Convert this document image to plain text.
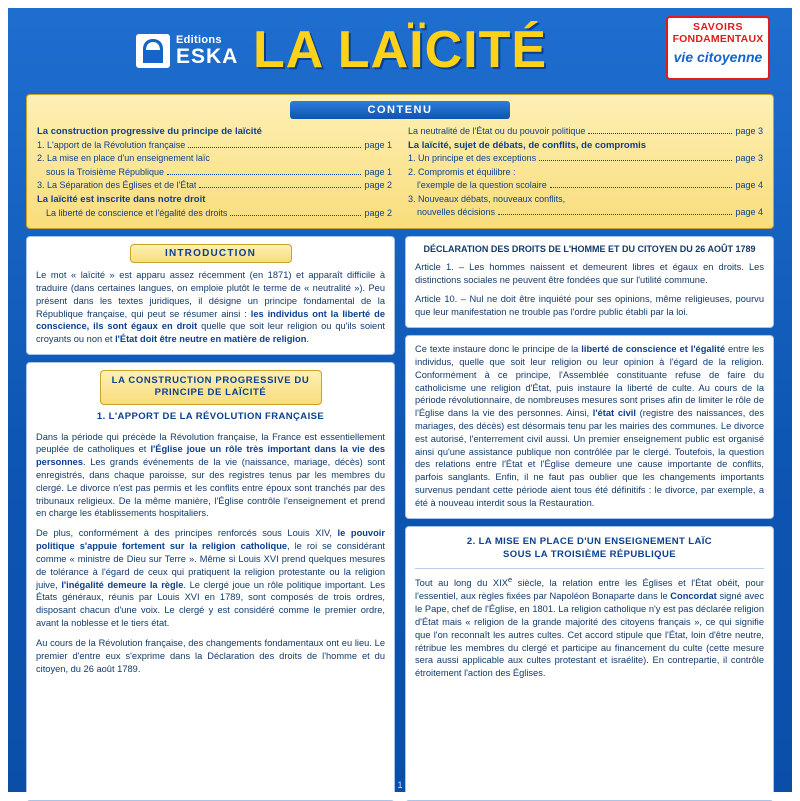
Editions
ESKA LA LAÏCITÉ	SAVOIRS
FONDAMENTAUX
vie citoyenne
CONTENU
La construction progressive du principe de laïcité
1. L'apport de la Révolution française	page 1
2. La mise en place d'un enseignement laïc
sous la Troisième République	page 1
3. La Séparation des Églises et de l'État	page 2
La laïcité est inscrite dans notre droit
La liberté de conscience et l'égalité des droits	page 2
La neutralité de l'État ou du pouvoir politique	page 3
La laïcité, sujet de débats, de conflits, de compromis
1. Un principe et des exceptions	page 3
2. Compromis et équilibre :
l'exemple de la question scolaire	page 4
3. Nouveaux débats, nouveaux conflits,
nouvelles décisions	page 4
INTRODUCTION

Le mot « laïcité » est apparu assez récemment (en 1871) et apparaît difficile à traduire (dans certaines langues, on emploie plutôt le terme de « neutralité »). Peu présent dans les textes juridiques, il désigne un principe fondamental de la République française, qui peut se résumer ainsi : les individus ont la liberté de conscience, ils sont égaux en droit quelle que soit leur religion ou qu'ils soient croyants ou non et l'État doit être neutre en matière de religion.

LA CONSTRUCTION PROGRESSIVE DU PRINCIPE DE LAÏCITÉ
1. L'APPORT DE LA RÉVOLUTION FRANÇAISE

Dans la période qui précède la Révolution française, la France est essentiellement peuplée de catholiques et l'Église joue un rôle très important dans la vie des personnes. Les grands événements de la vie (naissance, mariage, décès) sont enregistrés, dans chaque paroisse, sur des registres tenus par les membres du clergé. Le divorce n'est pas permis et les conflits entre époux sont tranchés par des tribunaux religieux. De la même manière, l'Église contrôle l'enseignement et prend en charge les établissements hospitaliers.

De plus, conformément à des principes renforcés sous Louis XIV, le pouvoir politique s'appuie fortement sur la religion catholique, le roi se considérant comme « ministre de Dieu sur Terre ». Même si Louis XVI prend quelques mesures de tolérance à l'égard de ceux qui pratiquent la religion protestante ou la religion juive, l'inégalité demeure la règle. Le clergé joue un rôle politique important. Les États généraux, réunis par Louis XVI en 1789, sont composés de trois ordres, disposant chacun d'une voix. Le clergé y est considéré comme le premier ordre, avant la noblesse et le tiers état.

Au cours de la Révolution française, des changements fondamentaux ont eu lieu. Le premier d'entre eux s'exprime dans la Déclaration des droits de l'homme et du citoyen, du 26 août 1789.

DÉCLARATION DES DROITS DE L'HOMME ET DU CITOYEN DU 26 AOÛT 1789

Article 1. – Les hommes naissent et demeurent libres et égaux en droits. Les distinctions sociales ne peuvent être fondées que sur l'utilité commune.

Article 10. – Nul ne doit être inquiété pour ses opinions, même religieuses, pourvu que leur manifestation ne trouble pas l'ordre public établi par la loi.

Ce texte instaure donc le principe de la liberté de conscience et l'égalité entre les individus, quelle que soit leur religion ou leur opinion à l'égard de la religion. Conformément à ce principe, l'Assemblée constituante refuse de faire du catholicisme une religion d'État, puis instaure la liberté de culte. Au cours de la période révolutionnaire, de nombreuses mesures sont prises afin de limiter le rôle de l'Église dans la vie des personnes. Ainsi, l'état civil (registre des naissances, des mariages, des décès) est désormais tenu par les mairies des communes. Le divorce est autorisé, l'enterrement civil aussi. Un premier enseignement public est organisé ainsi qu'une assistance publique non contrôlée par le clergé. Toutefois, la question des relations entre l'État et l'Église demeure une cause importante de conflits, parfois sanglants. Enfin, il ne faut pas oublier que les changements importants survenus pendant cette période aient tous été définitifs : le divorce, par exemple, a été à nouveau interdit sous la Restauration.

2. LA MISE EN PLACE D'UN ENSEIGNEMENT LAÏC
SOUS LA TROISIÈME RÉPUBLIQUE

Tout au long du XIXe siècle, la relation entre les Églises et l'État obéit, pour l'essentiel, aux règles fixées par Napoléon Bonaparte dans le Concordat signé avec le Pape, chef de l'Église, en 1801. La religion catholique n'y est pas déclarée religion d'État mais « religion de la grande majorité des citoyens français », ce qui signifie que l'on reconnaît les autres cultes. Cet accord stipule que l'État, loin d'être neutre, rétribue les membres du clergé et participe au financement du culte (cette mesure sera aussi applicable aux cultes protestant et israélite). En contrepartie, il contrôle étroitement l'action des Églises.

1
